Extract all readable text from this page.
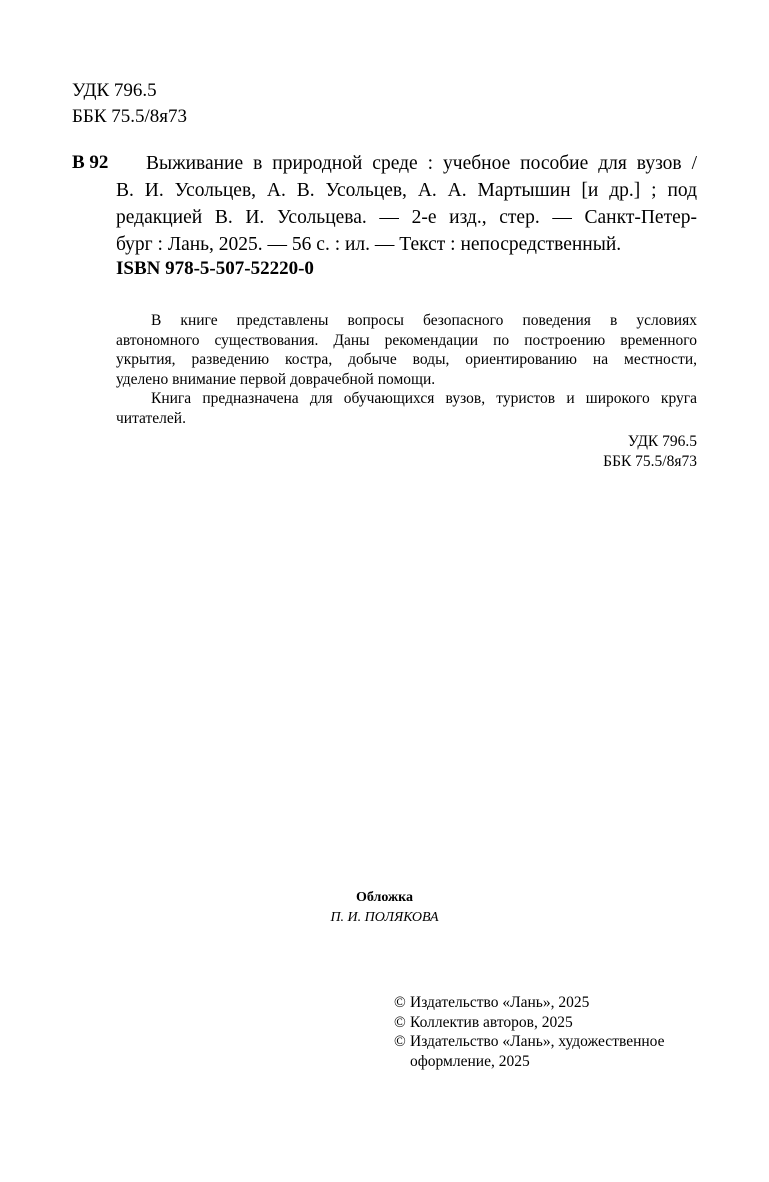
УДК 796.5
ББК 75.5/8я73
В 92	Выживание в природной среде : учебное пособие для вузов /
В. И. Усольцев, А. В. Усольцев, А. А. Мартышин [и др.] ; под
редакцией В. И. Усольцева. — 2-е изд., стер. — Санкт-Петер-
бург : Лань, 2025. — 56 с. : ил. — Текст : непосредственный.
ISBN 978-5-507-52220-0
В книге представлены вопросы безопасного поведения в условиях
автономного существования. Даны рекомендации по построению временного
укрытия, разведению костра, добыче воды, ориентированию на местности,
уделено внимание первой доврачебной помощи.
Книга предназначена для обучающихся вузов, туристов и широкого круга
читателей.
УДК 796.5
ББК 75.5/8я73
Обложка
П. И. ПОЛЯКОВА
© Издательство «Лань», 2025
© Коллектив авторов, 2025
© Издательство «Лань», художественное
оформление, 2025
